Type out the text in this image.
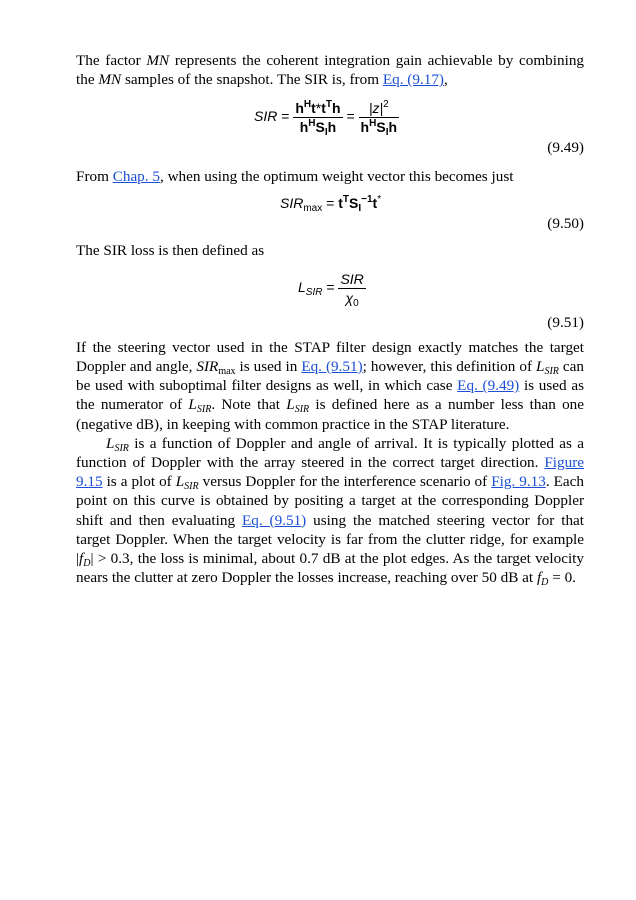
The factor MN represents the coherent integration gain achievable by combining the MN samples of the snapshot. The SIR is, from Eq. (9.17),

SIR = $\frac{h^Ht*t^Th}{h^HS_Ih} = \frac{|z|^2}{h^HS_Ih}$
(9.49)

From Chap. 5, when using the optimum weight vector this becomes just

$SIR_{max} = t^TS_I^{-1}t^*$
(9.50)

The SIR loss is then defined as

$L_{SIR} = \frac{\text{SIR}}{\chi_0}$
(9.51)

If the steering vector used in the STAP filter design exactly matches the target Doppler and angle, $SIR_{max}$ is used in Eq. (9.51); however, this definition of $L_{SIR}$ can be used with suboptimal filter designs as well, in which case Eq. (9.49) is used as the numerator of $L_{SIR}$. Note that $L_{SIR}$ is defined here as a number less than one (negative dB), in keeping with common practice in the STAP literature.

$L_{SIR}$ is a function of Doppler and angle of arrival. It is typically plotted as a function of Doppler with the array steered in the correct target direction. Figure 9.15 is a plot of $L_{SIR}$ versus Doppler for the interference scenario of Fig. 9.13. Each point on this curve is obtained by positing a target at the corresponding Doppler shift and then evaluating Eq. (9.51) using the matched steering vector for that target Doppler. When the target velocity is far from the clutter ridge, for example $|f_D| > 0.3$, the loss is minimal, about 0.7 dB at the plot edges. As the target velocity nears the clutter at zero Doppler the losses increase, reaching over 50 dB at $f_D = 0$.
